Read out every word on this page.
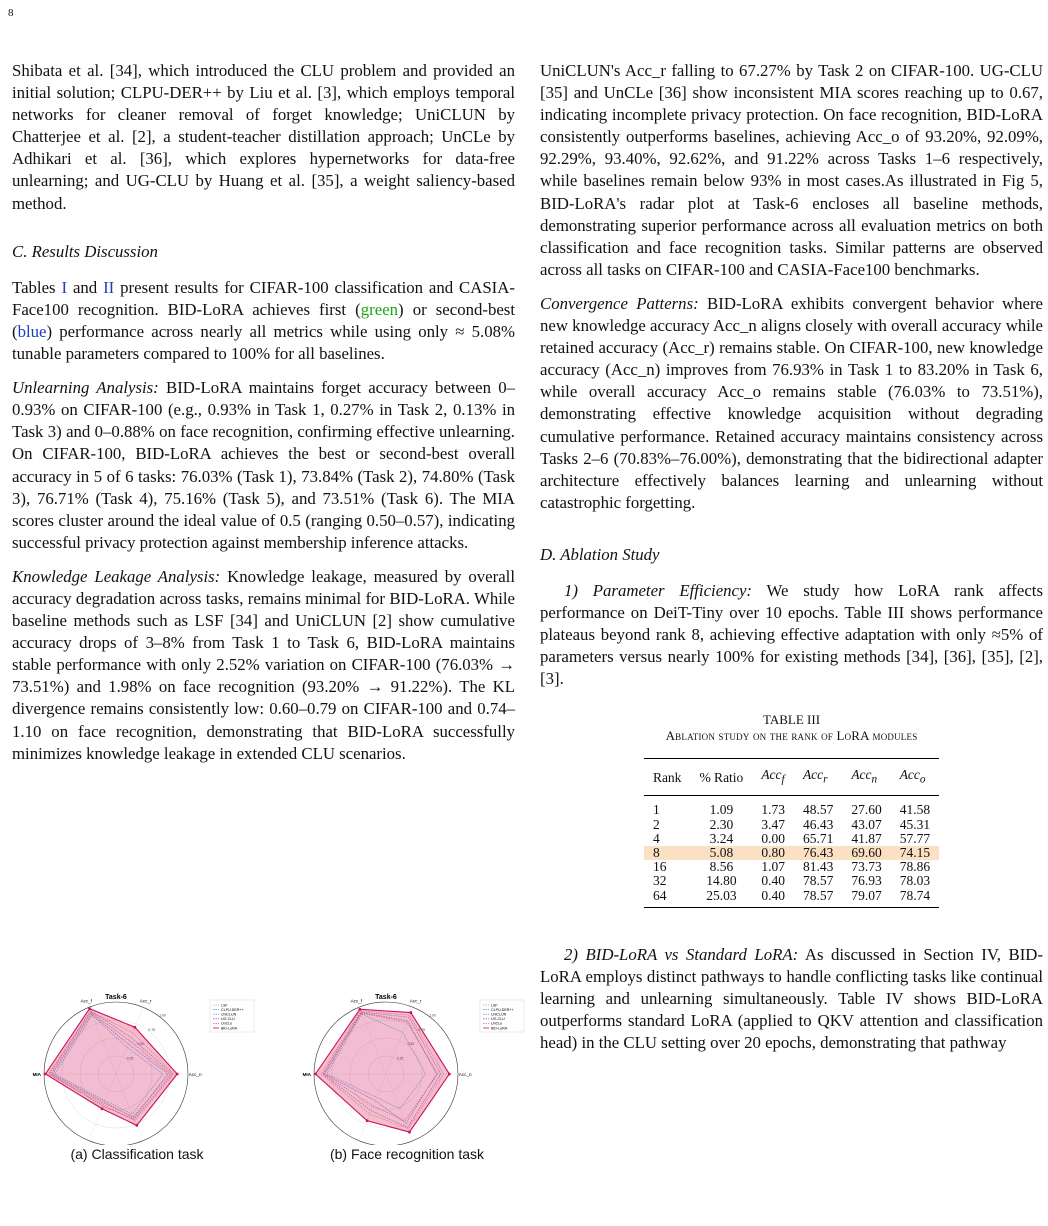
8

Shibata et al. [34], which introduced the CLU problem and provided an initial solution; CLPU-DER++ by Liu et al. [3], which employs temporal networks for cleaner removal of forget knowledge; UniCLUN by Chatterjee et al. [2], a student-teacher distillation approach; UnCLe by Adhikari et al. [36], which explores hypernetworks for data-free unlearning; and UG-CLU by Huang et al. [35], a weight saliency-based method.

C. Results Discussion

Tables I and II present results for CIFAR-100 classification and CASIA-Face100 recognition. BID-LoRA achieves first (green) or second-best (blue) performance across nearly all metrics while using only ≈ 5.08% tunable parameters compared to 100% for all baselines.

Unlearning Analysis: BID-LoRA maintains forget accuracy between 0–0.93% on CIFAR-100 (e.g., 0.93% in Task 1, 0.27% in Task 2, 0.13% in Task 3) and 0–0.88% on face recognition, confirming effective unlearning. On CIFAR-100, BID-LoRA achieves the best or second-best overall accuracy in 5 of 6 tasks: 76.03% (Task 1), 73.84% (Task 2), 74.80% (Task 3), 76.71% (Task 4), 75.16% (Task 5), and 73.51% (Task 6). The MIA scores cluster around the ideal value of 0.5 (ranging 0.50–0.57), indicating successful privacy protection against membership inference attacks.

Knowledge Leakage Analysis: Knowledge leakage, measured by overall accuracy degradation across tasks, remains minimal for BID-LoRA. While baseline methods such as LSF [34] and UniCLUN [2] show cumulative accuracy drops of 3–8% from Task 1 to Task 6, BID-LoRA maintains stable performance with only 2.52% variation on CIFAR-100 (76.03% → 73.51%) and 1.98% on face recognition (93.20% → 91.22%). The KL divergence remains consistently low: 0.60–0.79 on CIFAR-100 and 0.74–1.10 on face recognition, demonstrating that BID-LoRA successfully minimizes knowledge leakage in extended CLU scenarios.

Task-6
0.25
0.50
0.75
1.00
Acc_f	Acc_r
Acc_n
MIA
LSF
CLPU-DER++
UniCLUN
UG-CLU
UnCLe
BID-LoRA
(a) Classification task
Task-6
0.25
0.50
0.75
1.00
Acc_f	Acc_r
Acc_n
MIA
LSF
CLPU-DER++
UniCLUN
UG-CLU
UnCLe
BID-LoRA
(b) Face recognition task

UniCLUN's Acc_r falling to 67.27% by Task 2 on CIFAR-100. UG-CLU [35] and UnCLe [36] show inconsistent MIA scores reaching up to 0.67, indicating incomplete privacy protection. On face recognition, BID-LoRA consistently outperforms baselines, achieving Acc_o of 93.20%, 92.09%, 92.29%, 93.40%, 92.62%, and 91.22% across Tasks 1–6 respectively, while baselines remain below 93% in most cases.As illustrated in Fig 5, BID-LoRA's radar plot at Task-6 encloses all baseline methods, demonstrating superior performance across all evaluation metrics on both classification and face recognition tasks. Similar patterns are observed across all tasks on CIFAR-100 and CASIA-Face100 benchmarks.

Convergence Patterns: BID-LoRA exhibits convergent behavior where new knowledge accuracy Acc_n aligns closely with overall accuracy while retained accuracy (Acc_r) remains stable. On CIFAR-100, new knowledge accuracy (Acc_n) improves from 76.93% in Task 1 to 83.20% in Task 6, while overall accuracy Acc_o remains stable (76.03% to 73.51%), demonstrating effective knowledge acquisition without degrading cumulative performance. Retained accuracy maintains consistency across Tasks 2–6 (70.83%–76.00%), demonstrating that the bidirectional adapter architecture effectively balances learning and unlearning without catastrophic forgetting.

D. Ablation Study

1) Parameter Efficiency: We study how LoRA rank affects performance on DeiT-Tiny over 10 epochs. Table III shows performance plateaus beyond rank 8, achieving effective adaptation with only ≈5% of parameters versus nearly 100% for existing methods [34], [36], [35], [2], [3].

TABLE III
Ablation study on the rank of LoRA modules
Rank	% Ratio	Acc$_f$	Acc$_r$	Acc$_n$	Acc$_o$
1	1.09	1.73	48.57	27.60	41.58
2	2.30	3.47	46.43	43.07	45.31
4	3.24	0.00	65.71	41.87	57.77
8	5.08	0.80	76.43	69.60	74.15
16	8.56	1.07	81.43	73.73	78.86
32	14.80	0.40	78.57	76.93	78.03
64	25.03	0.40	78.57	79.07	78.74

2) BID-LoRA vs Standard LoRA: As discussed in Section IV, BID-LoRA employs distinct pathways to handle conflicting tasks like continual learning and unlearning simultaneously. Table IV shows BID-LoRA outperforms standard LoRA (applied to QKV attention and classification head) in the CLU setting over 20 epochs, demonstrating that pathway
